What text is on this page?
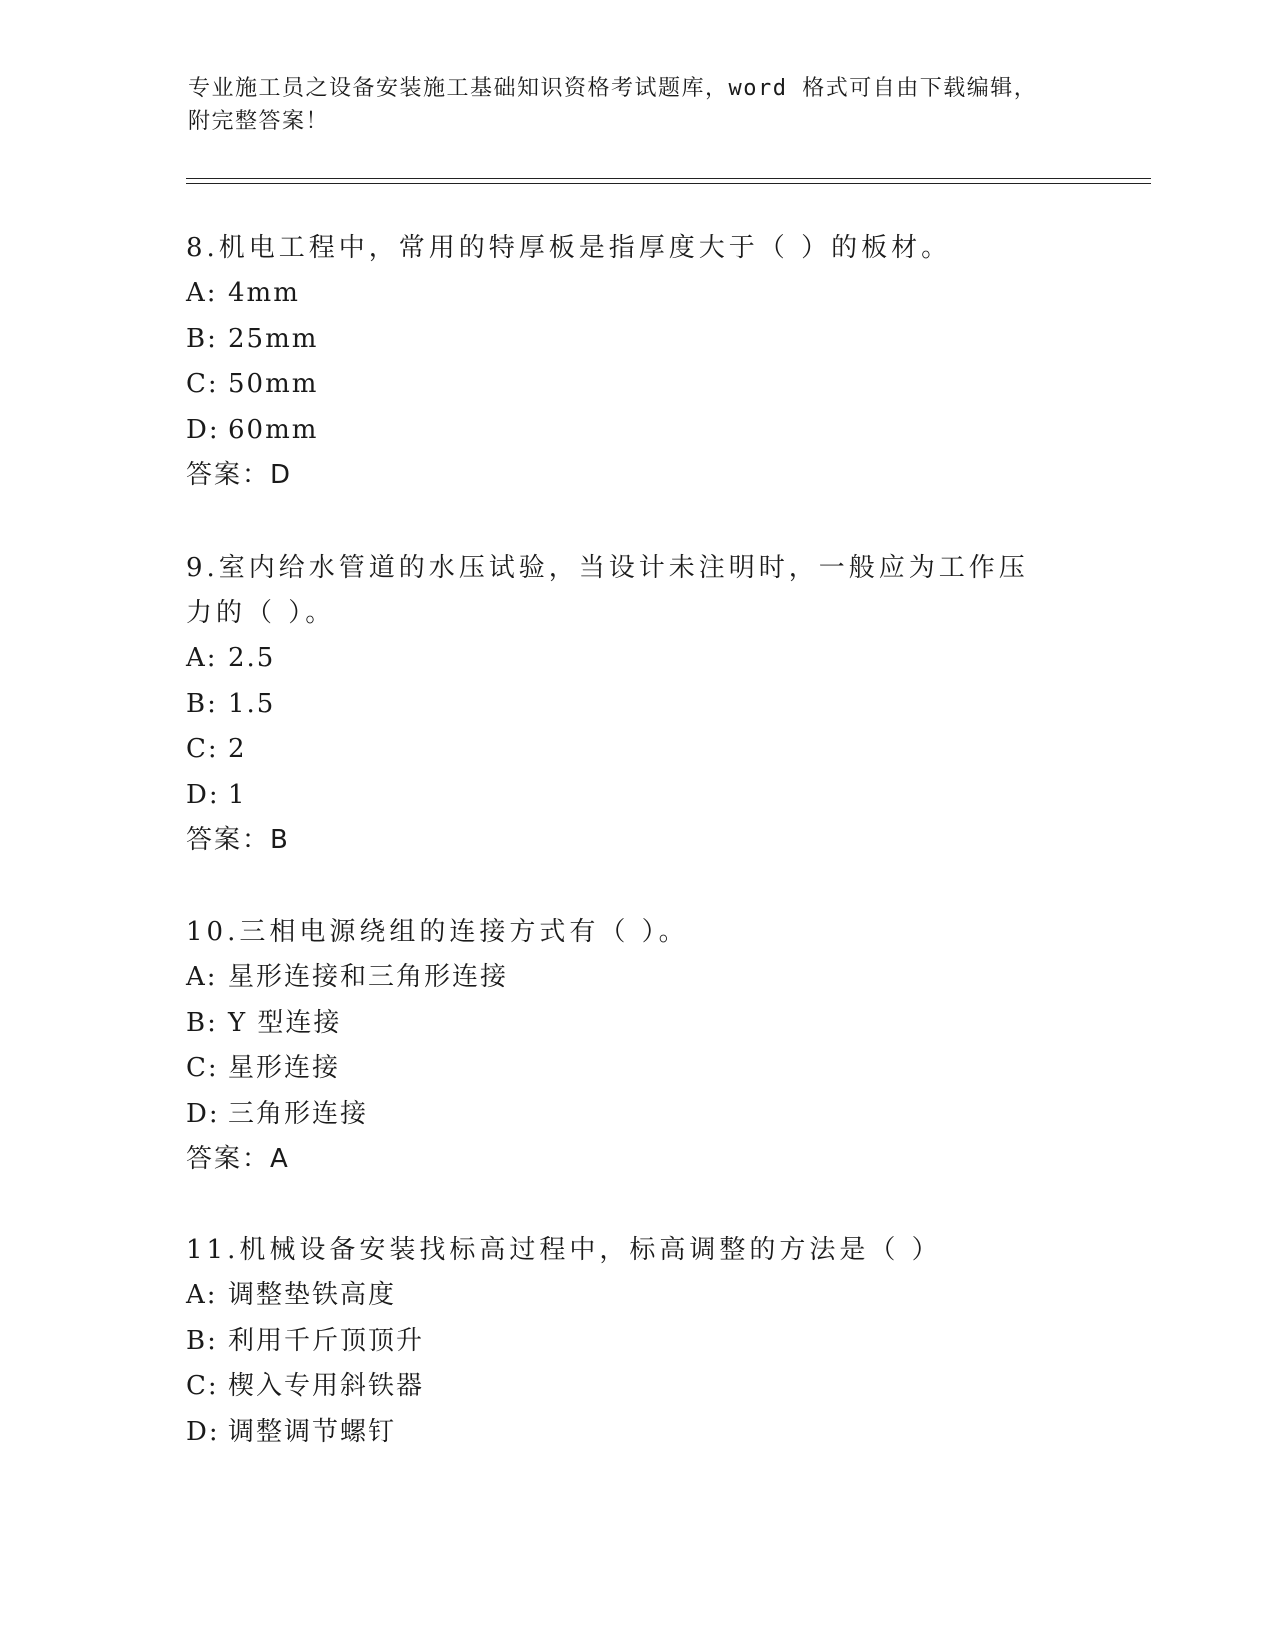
专业施工员之设备安装施工基础知识资格考试题库，word 格式可自由下载编辑，
附完整答案！

8.机电工程中，常用的特厚板是指厚度大于（ ）的板材。

A: 4mm

B: 25mm

C: 50mm

D: 60mm

答案：D

9.室内给水管道的水压试验，当设计未注明时，一般应为工作压力的（ ）。

A: 2.5

B: 1.5

C: 2

D: 1

答案：B

10.三相电源绕组的连接方式有（ ）。

A: 星形连接和三角形连接

B: Y 型连接

C: 星形连接

D: 三角形连接

答案：A

11.机械设备安装找标高过程中，标高调整的方法是（ ）

A: 调整垫铁高度

B: 利用千斤顶顶升

C: 楔入专用斜铁器

D: 调整调节螺钉
